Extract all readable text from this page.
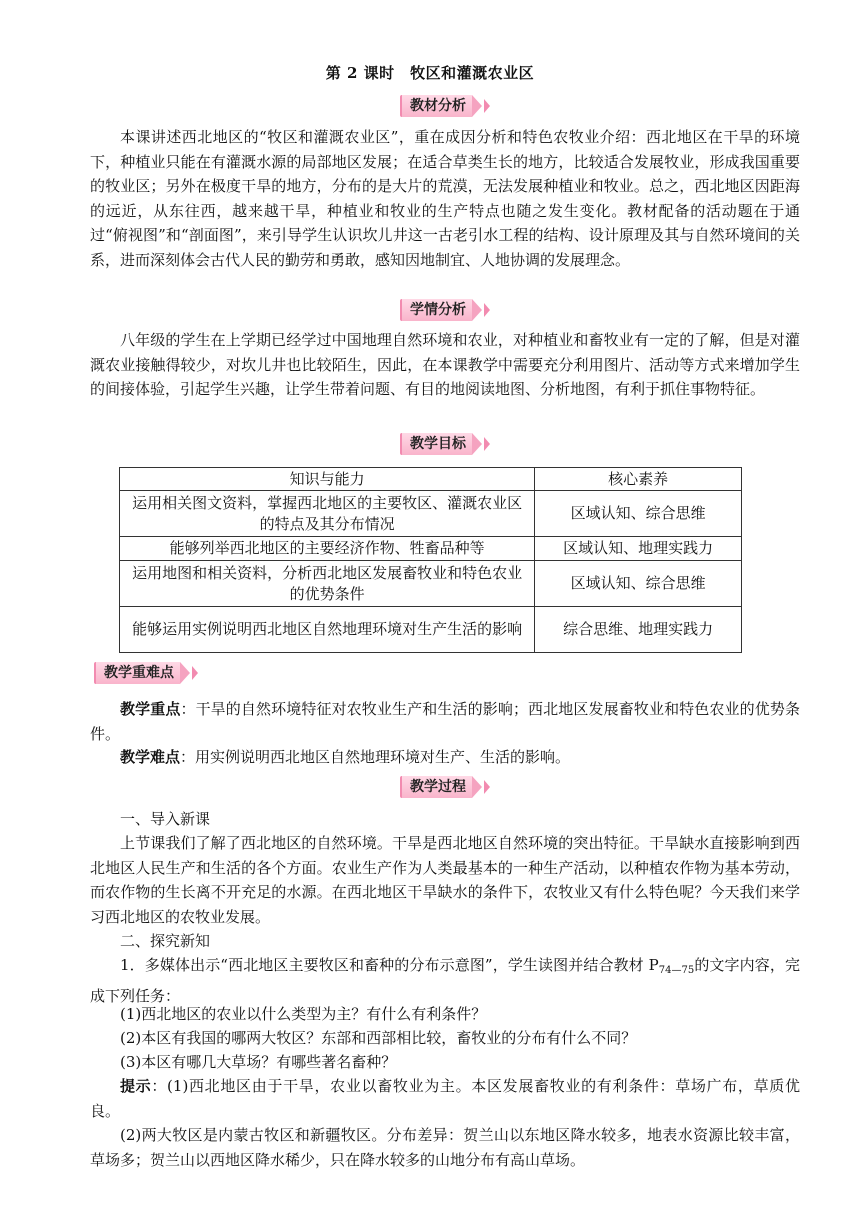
第 2 课时　牧区和灌溉农业区
教材分析
本课讲述西北地区的“牧区和灌溉农业区”，重在成因分析和特色农牧业介绍：西北地区在干旱的环境下，种植业只能在有灌溉水源的局部地区发展；在适合草类生长的地方，比较适合发展牧业，形成我国重要的牧业区；另外在极度干旱的地方，分布的是大片的荒漠，无法发展种植业和牧业。总之，西北地区因距海的远近，从东往西，越来越干旱，种植业和牧业的生产特点也随之发生变化。教材配备的活动题在于通过“俯视图”和“剖面图”，来引导学生认识坎儿井这一古老引水工程的结构、设计原理及其与自然环境间的关系，进而深刻体会古代人民的勤劳和勇敢，感知因地制宜、人地协调的发展理念。
学情分析
八年级的学生在上学期已经学过中国地理自然环境和农业，对种植业和畜牧业有一定的了解，但是对灌溉农业接触得较少，对坎儿井也比较陌生，因此，在本课教学中需要充分利用图片、活动等方式来增加学生的间接体验，引起学生兴趣，让学生带着问题、有目的地阅读地图、分析地图，有利于抓住事物特征。
教学目标
知识与能力	核心素养
运用相关图文资料，掌握西北地区的主要牧区、灌溉农业区的特点及其分布情况	区域认知、综合思维
能够列举西北地区的主要经济作物、牲畜品种等	区域认知、地理实践力
运用地图和相关资料，分析西北地区发展畜牧业和特色农业的优势条件	区域认知、综合思维
能够运用实例说明西北地区自然地理环境对生产生活的影响	综合思维、地理实践力
教学重难点
教学重点：干旱的自然环境特征对农牧业生产和生活的影响；西北地区发展畜牧业和特色农业的优势条件。
教学难点：用实例说明西北地区自然地理环境对生产、生活的影响。
教学过程
一、导入新课
上节课我们了解了西北地区的自然环境。干旱是西北地区自然环境的突出特征。干旱缺水直接影响到西北地区人民生产和生活的各个方面。农业生产作为人类最基本的一种生产活动，以种植农作物为基本劳动，而农作物的生长离不开充足的水源。在西北地区干旱缺水的条件下，农牧业又有什么特色呢？今天我们来学习西北地区的农牧业发展。
二、探究新知
1．多媒体出示“西北地区主要牧区和畜种的分布示意图”，学生读图并结合教材 $P_{74—75}$的文字内容，完成下列任务：
(1)西北地区的农业以什么类型为主？有什么有利条件？
(2)本区有我国的哪两大牧区？东部和西部相比较，畜牧业的分布有什么不同？
(3)本区有哪几大草场？有哪些著名畜种？
提示：(1)西北地区由于干旱，农业以畜牧业为主。本区发展畜牧业的有利条件：草场广布，草质优良。
(2)两大牧区是内蒙古牧区和新疆牧区。分布差异：贺兰山以东地区降水较多，地表水资源比较丰富，草场多；贺兰山以西地区降水稀少，只在降水较多的山地分布有高山草场。
